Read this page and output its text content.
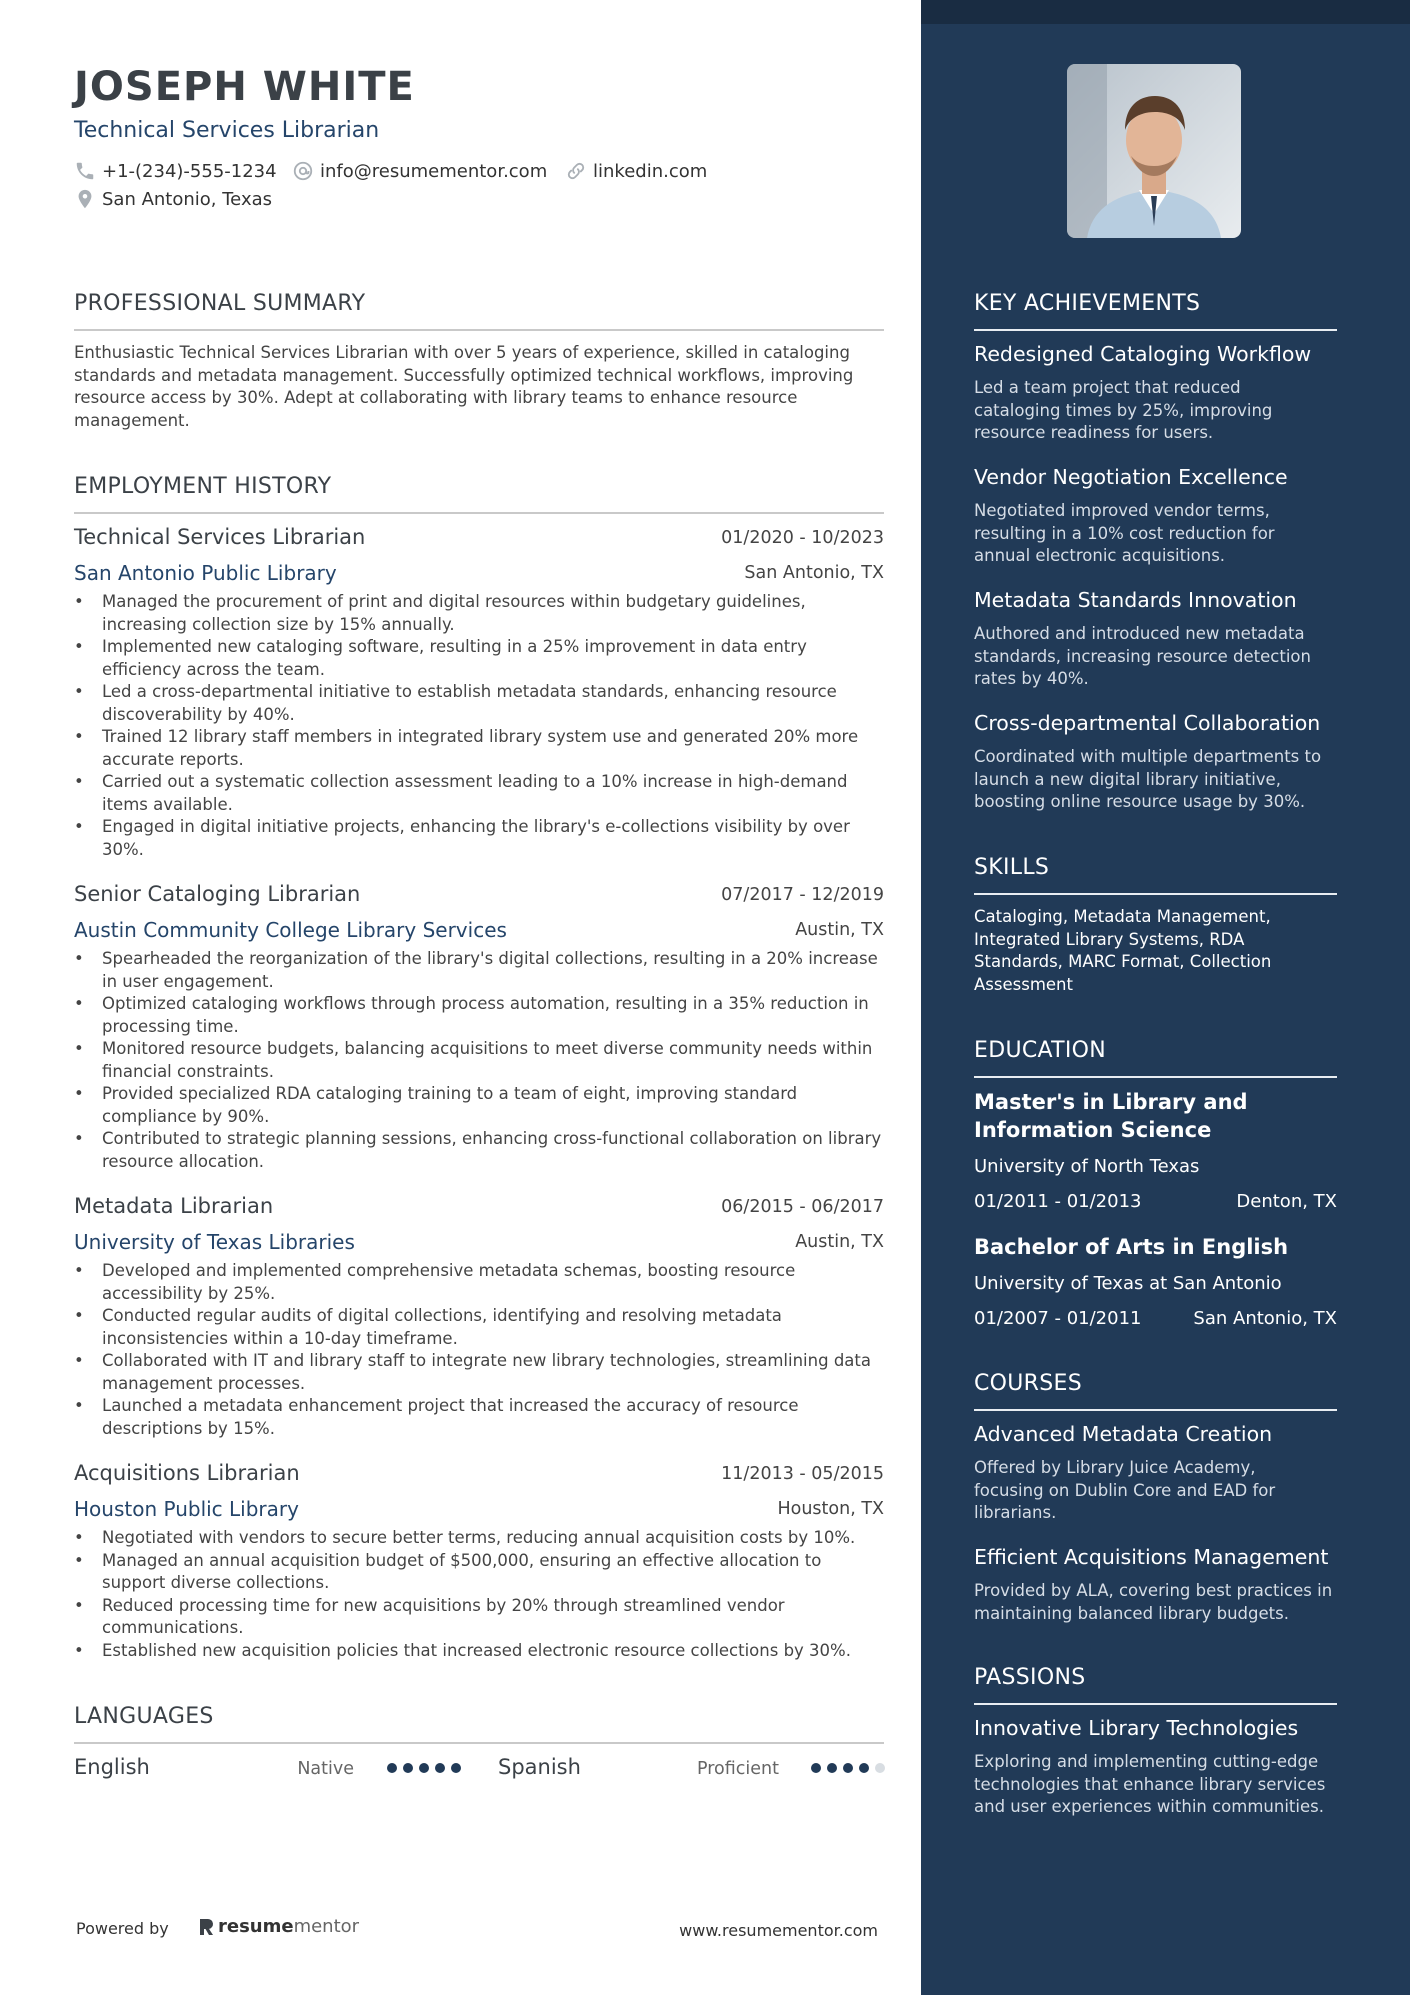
JOSEPH WHITE
Technical Services Librarian
+1-(234)-555-1234 info@resumementor.com	linkedin.com
San Antonio, Texas
PROFESSIONAL SUMMARY
Enthusiastic Technical Services Librarian with over 5 years of experience, skilled in cataloging standards and metadata management. Successfully optimized technical workflows, improving resource access by 30%. Adept at collaborating with library teams to enhance resource management.
EMPLOYMENT HISTORY
Technical Services Librarian	01/2020 - 10/2023
San Antonio Public Library	San Antonio, TX
• Managed the procurement of print and digital resources within budgetary guidelines, increasing collection size by 15% annually.
• Implemented new cataloging software, resulting in a 25% improvement in data entry efficiency across the team.
• Led a cross-departmental initiative to establish metadata standards, enhancing resource discoverability by 40%.
• Trained 12 library staff members in integrated library system use and generated 20% more accurate reports.
• Carried out a systematic collection assessment leading to a 10% increase in high-demand items available.
• Engaged in digital initiative projects, enhancing the library's e-collections visibility by over 30%.
Senior Cataloging Librarian	07/2017 - 12/2019
Austin Community College Library Services	Austin, TX
• Spearheaded the reorganization of the library's digital collections, resulting in a 20% increase in user engagement.
• Optimized cataloging workflows through process automation, resulting in a 35% reduction in processing time.
• Monitored resource budgets, balancing acquisitions to meet diverse community needs within financial constraints.
• Provided specialized RDA cataloging training to a team of eight, improving standard compliance by 90%.
• Contributed to strategic planning sessions, enhancing cross-functional collaboration on library resource allocation.
Metadata Librarian	06/2015 - 06/2017
University of Texas Libraries	Austin, TX
• Developed and implemented comprehensive metadata schemas, boosting resource accessibility by 25%.
• Conducted regular audits of digital collections, identifying and resolving metadata inconsistencies within a 10-day timeframe.
• Collaborated with IT and library staff to integrate new library technologies, streamlining data management processes.
• Launched a metadata enhancement project that increased the accuracy of resource descriptions by 15%.
Acquisitions Librarian	11/2013 - 05/2015
Houston Public Library	Houston, TX
• Negotiated with vendors to secure better terms, reducing annual acquisition costs by 10%.
• Managed an annual acquisition budget of $500,000, ensuring an effective allocation to support diverse collections.
• Reduced processing time for new acquisitions by 20% through streamlined vendor communications.
• Established new acquisition policies that increased electronic resource collections by 30%.
LANGUAGES
English	Native	Spanish	Proficient
Powered by	resume mentor	www.resumementor.com
KEY ACHIEVEMENTS
Redesigned Cataloging Workflow
Led a team project that reduced cataloging times by 25%, improving resource readiness for users.
Vendor Negotiation Excellence
Negotiated improved vendor terms, resulting in a 10% cost reduction for annual electronic acquisitions.
Metadata Standards Innovation
Authored and introduced new metadata standards, increasing resource detection rates by 40%.
Cross-departmental Collaboration
Coordinated with multiple departments to launch a new digital library initiative, boosting online resource usage by 30%.
SKILLS
Cataloging, Metadata Management, Integrated Library Systems, RDA Standards, MARC Format, Collection Assessment
EDUCATION
Master's in Library and Information Science
University of North Texas
01/2011 - 01/2013	Denton, TX
Bachelor of Arts in English
University of Texas at San Antonio
01/2007 - 01/2011	San Antonio, TX
COURSES
Advanced Metadata Creation
Offered by Library Juice Academy, focusing on Dublin Core and EAD for librarians.
Efficient Acquisitions Management
Provided by ALA, covering best practices in maintaining balanced library budgets.
PASSIONS
Innovative Library Technologies
Exploring and implementing cutting-edge technologies that enhance library services and user experiences within communities.
